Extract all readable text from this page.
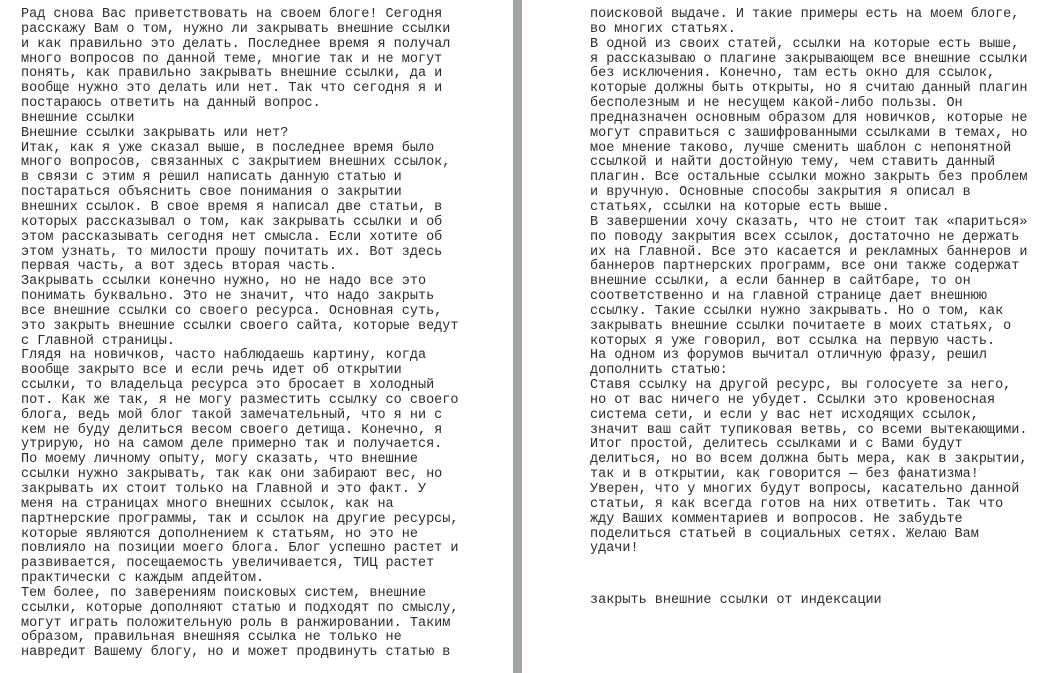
Рад снова Вас приветствовать на своем блоге! Сегодня
расскажу Вам о том, нужно ли закрывать внешние ссылки
и как правильно это делать. Последнее время я получал
много вопросов по данной теме, многие так и не могут
понять, как правильно закрывать внешние ссылки, да и
вообще нужно это делать или нет. Так что сегодня я и
постараюсь ответить на данный вопрос.
внешние ссылки
Внешние ссылки закрывать или нет?
Итак, как я уже сказал выше, в последнее время было
много вопросов, связанных с закрытием внешних ссылок,
в связи с этим я решил написать данную статью и
постараться объяснить свое понимания о закрытии
внешних ссылок. В свое время я написал две статьи, в
которых рассказывал о том, как закрывать ссылки и об
этом рассказывать сегодня нет смысла. Если хотите об
этом узнать, то милости прошу почитать их. Вот здесь
первая часть, а вот здесь вторая часть.
Закрывать ссылки конечно нужно, но не надо все это
понимать буквально. Это не значит, что надо закрыть
все внешние ссылки со своего ресурса. Основная суть,
это закрыть внешние ссылки своего сайта, которые ведут
с Главной страницы.
Глядя на новичков, часто наблюдаешь картину, когда
вообще закрыто все и если речь идет об открытии
ссылки, то владельца ресурса это бросает в холодный
пот. Как же так, я не могу разместить ссылку со своего
блога, ведь мой блог такой замечательный, что я ни с
кем не буду делиться весом своего детища. Конечно, я
утрирую, но на самом деле примерно так и получается.
По моему личному опыту, могу сказать, что внешние
ссылки нужно закрывать, так как они забирают вес, но
закрывать их стоит только на Главной и это факт. У
меня на страницах много внешних ссылок, как на
партнерские программы, так и ссылок на другие ресурсы,
которые являются дополнением к статьям, но это не
повлияло на позиции моего блога. Блог успешно растет и
развивается, посещаемость увеличивается, ТИЦ растет
практически с каждым апдейтом.
Тем более, по заверениям поисковых систем, внешние
ссылки, которые дополняют статью и подходят по смыслу,
могут играть положительную роль в ранжировании. Таким
образом, правильная внешняя ссылка не только не
навредит Вашему блогу, но и может продвинуть статью в
поисковой выдаче. И такие примеры есть на моем блоге,
во многих статьях.
В одной из своих статей, ссылки на которые есть выше,
я рассказываю о плагине закрывающем все внешние ссылки
без исключения. Конечно, там есть окно для ссылок,
которые должны быть открыты, но я считаю данный плагин
бесполезным и не несущем какой-либо пользы. Он
предназначен основным образом для новичков, которые не
могут справиться с зашифрованными ссылками в темах, но
мое мнение таково, лучше сменить шаблон с непонятной
ссылкой и найти достойную тему, чем ставить данный
плагин. Все остальные ссылки можно закрыть без проблем
и вручную. Основные способы закрытия я описал в
статьях, ссылки на которые есть выше.
В завершении хочу сказать, что не стоит так «париться»
по поводу закрытия всех ссылок, достаточно не держать
их на Главной. Все это касается и рекламных баннеров и
баннеров партнерских программ, все они также содержат
внешние ссылки, а если баннер в сайтбаре, то он
соответственно и на главной странице дает внешнюю
ссылку. Такие ссылки нужно закрывать. Но о том, как
закрывать внешние ссылки почитаете в моих статьях, о
которых я уже говорил, вот ссылка на первую часть.
На одном из форумов вычитал отличную фразу, решил
дополнить статью:
Ставя ссылку на другой ресурс, вы голосуете за него,
но от вас ничего не убудет. Ссылки это кровеносная
система сети, и если у вас нет исходящих ссылок,
значит ваш сайт тупиковая ветвь, со всеми вытекающими.
Итог простой, делитесь ссылками и с Вами будут
делиться, но во всем должна быть мера, как в закрытии,
так и в открытии, как говорится — без фанатизма!
Уверен, что у многих будут вопросы, касательно данной
статьи, я как всегда готов на них ответить. Так что
жду Ваших комментариев и вопросов. Не забудьте
поделиться статьей в социальных сетях. Желаю Вам
удачи!
закрыть внешние ссылки от индексации
